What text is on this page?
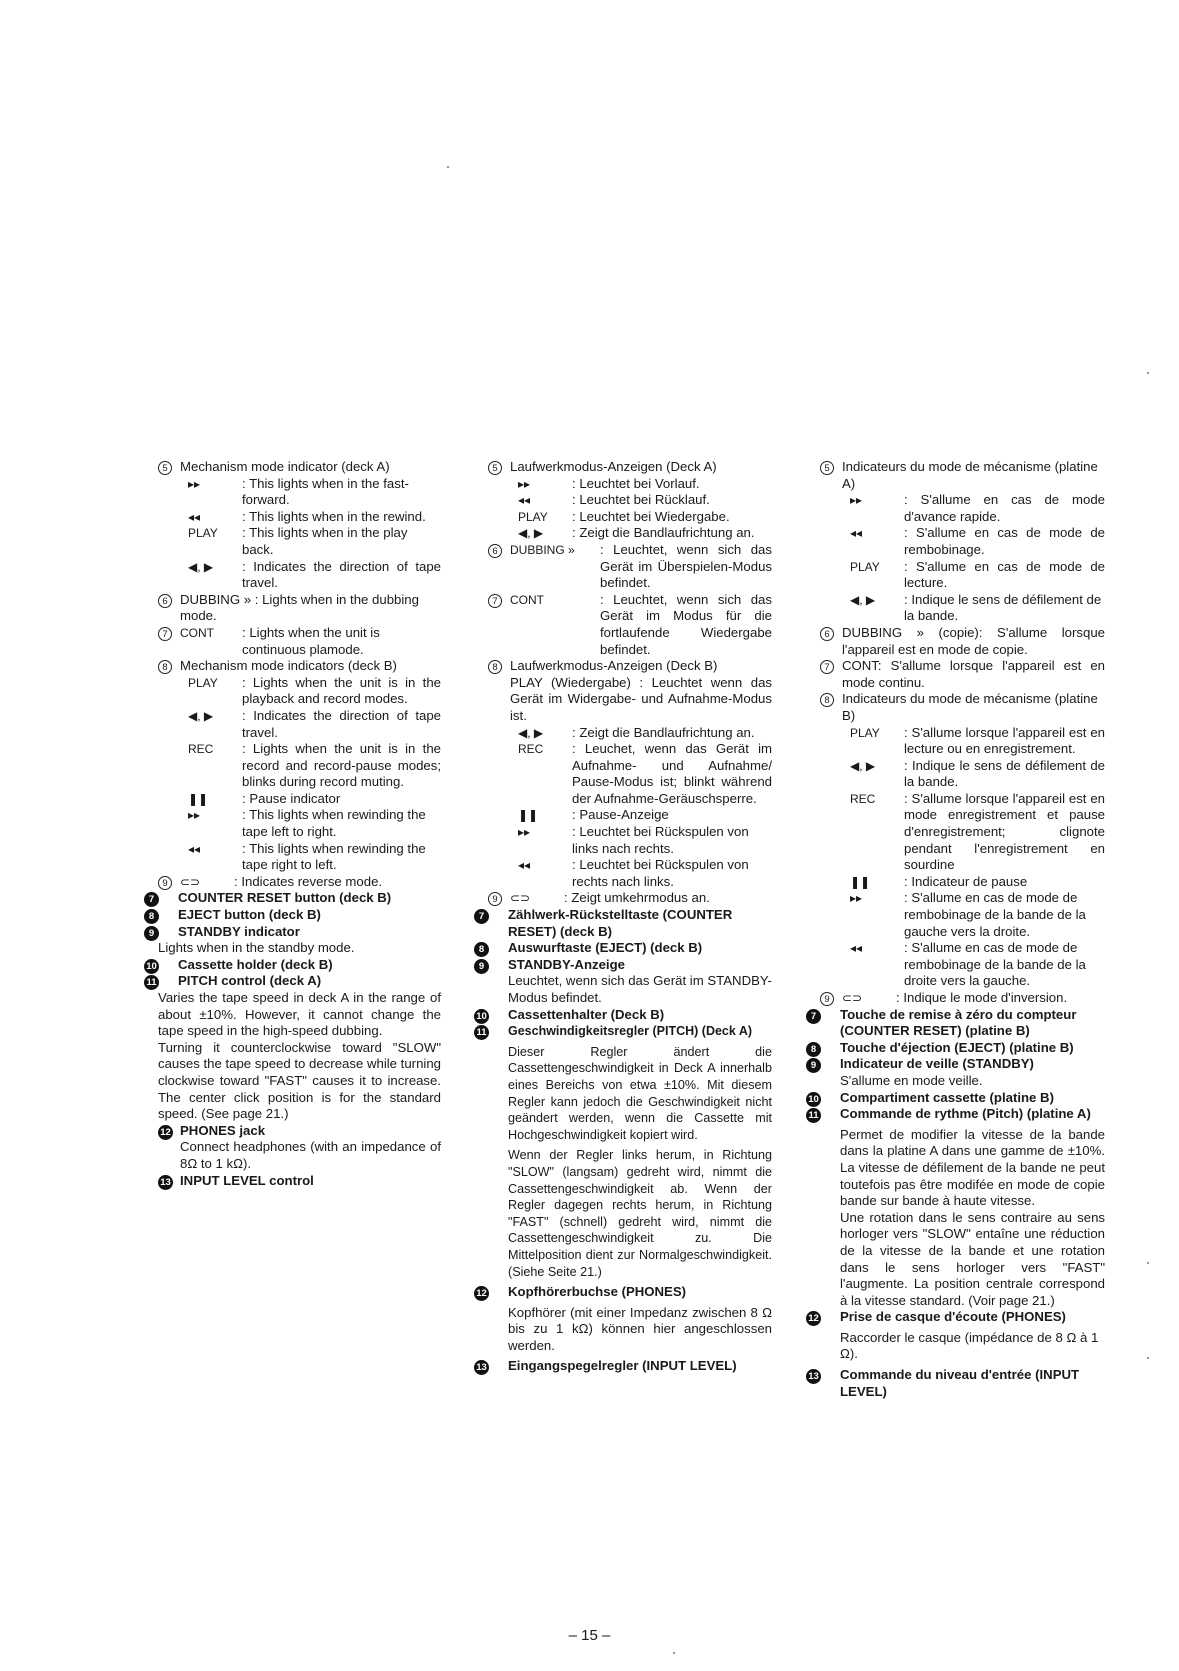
5 Mechanism mode indicator (deck A)
▸▸	: This lights when in the fast-forward.
◂◂	: This lights when in the rewind.
PLAY	: This lights when in the play back.
◀, ▶	: Indicates the direction of tape travel.
6 DUBBING » : Lights when in the dubbing mode.
7	CONT	: Lights when the unit is continuous plamode.
8 Mechanism mode indicators (deck B)
PLAY	: Lights when the unit is in the playback and record modes.
◀, ▶	: Indicates the direction of tape travel.
REC	: Lights when the unit is in the record and record-pause modes; blinks during record muting.
❚❚	: Pause indicator
▸▸	: This lights when rewinding the tape left to right.
◂◂	: This lights when rewinding the tape right to left.
9	⊂⊃	: Indicates reverse mode.
7	COUNTER RESET button (deck B)
8	EJECT button (deck B)
9	STANDBY indicator
Lights when in the standby mode.
10 Cassette holder (deck B)
11 PITCH control (deck A)
Varies the tape speed in deck A in the range of about ±10%. However, it cannot change the tape speed in the high-speed dubbing.
Turning it counterclockwise toward "SLOW" causes the tape speed to decrease while turning clockwise toward "FAST" causes it to increase. The center click position is for the standard speed. (See page 21.)
12 PHONES jack
Connect headphones (with an impedance of 8Ω to 1 kΩ).
13 INPUT LEVEL control
5 Laufwerkmodus-Anzeigen (Deck A)
▸▸	: Leuchtet bei Vorlauf.
◂◂	: Leuchtet bei Rücklauf.
PLAY	: Leuchtet bei Wiedergabe.
◀, ▶	: Zeigt die Bandlaufrichtung an.
6	DUBBING »	: Leuchtet, wenn sich das Gerät im Überspielen-Modus befindet.
7	CONT	: Leuchtet, wenn sich das Gerät im Modus für die fortlaufende Wiedergabe befindet.
8 Laufwerkmodus-Anzeigen (Deck B)
PLAY (Wiedergabe) : Leuchtet wenn das Gerät im Widergabe- und Aufnahme-Modus ist.
◀, ▶	: Zeigt die Bandlaufrichtung an.
REC	: Leuchet, wenn das Gerät im Aufnahme- und Aufnahme/ Pause-Modus ist; blinkt während der Aufnahme-Geräuschsperre.
❚❚	: Pause-Anzeige
▸▸	: Leuchtet bei Rückspulen von links nach rechts.
◂◂	: Leuchtet bei Rückspulen von rechts nach links.
9	⊂⊃	: Zeigt umkehrmodus an.
7	Zählwerk-Rückstelltaste (COUNTER RESET) (deck B)
8	Auswurftaste (EJECT) (deck B)
9	STANDBY-Anzeige
Leuchtet, wenn sich das Gerät im STANDBY-Modus befindet.
10 Cassettenhalter (Deck B)
11 Geschwindigkeitsregler (PITCH) (Deck A)
Dieser Regler ändert die Cassettengeschwindigkeit in Deck A innerhalb eines Bereichs von etwa ±10%. Mit diesem Regler kann jedoch die Geschwindigkeit nicht geändert werden, wenn die Cassette mit Hochgeschwindigkeit kopiert wird.
Wenn der Regler links herum, in Richtung "SLOW" (langsam) gedreht wird, nimmt die Cassettengeschwindigkeit ab. Wenn der Regler dagegen rechts herum, in Richtung "FAST" (schnell) gedreht wird, nimmt die Cassettengeschwindigkeit zu. Die Mittelposition dient zur Normalgeschwindigkeit. (Siehe Seite 21.)
12 Kopfhörerbuchse (PHONES)
Kopfhörer (mit einer Impedanz zwischen 8 Ω bis zu 1 kΩ) können hier angeschlossen werden.
13 Eingangspegelregler (INPUT LEVEL)
5 Indicateurs du mode de mécanisme (platine A)
▸▸	: S'allume en cas de mode d'avance rapide.
◂◂	: S'allume en cas de mode de rembobinage.
PLAY	: S'allume en cas de mode de lecture.
◀, ▶	: Indique le sens de défilement de la bande.
6 DUBBING » (copie): S'allume lorsque l'appareil est en mode de copie.
7 CONT: S'allume lorsque l'appareil est en mode continu.
8 Indicateurs du mode de mécanisme (platine B)
PLAY	: S'allume lorsque l'appareil est en lecture ou en enregistrement.
◀, ▶	: Indique le sens de défilement de la bande.
REC	: S'allume lorsque l'appareil est en mode enregistrement et pause d'enregistrement; clignote pendant l'enregistrement en sourdine
❚❚	: Indicateur de pause
▸▸	: S'allume en cas de mode de rembobinage de la bande de la gauche vers la droite.
◂◂	: S'allume en cas de mode de rembobinage de la bande de la droite vers la gauche.
9	⊂⊃	: Indique le mode d'inversion.
7	Touche de remise à zéro du compteur (COUNTER RESET) (platine B)
8	Touche d'éjection (EJECT) (platine B)
9	Indicateur de veille (STANDBY)
S'allume en mode veille.
10 Compartiment cassette (platine B)
11 Commande de rythme (Pitch) (platine A)
Permet de modifier la vitesse de la bande dans la platine A dans une gamme de ±10%. La vitesse de défilement de la bande ne peut toutefois pas être modifée en mode de copie bande sur bande à haute vitesse.
Une rotation dans le sens contraire au sens horloger vers "SLOW" entaîne une réduction de la vitesse de la bande et une rotation dans le sens horloger vers "FAST" l'augmente. La position centrale correspond à la vitesse standard. (Voir page 21.)
12 Prise de casque d'écoute (PHONES)
Raccorder le casque (impédance de 8 Ω à 1 Ω).
13 Commande du niveau d'entrée (INPUT LEVEL)
– 15 –
